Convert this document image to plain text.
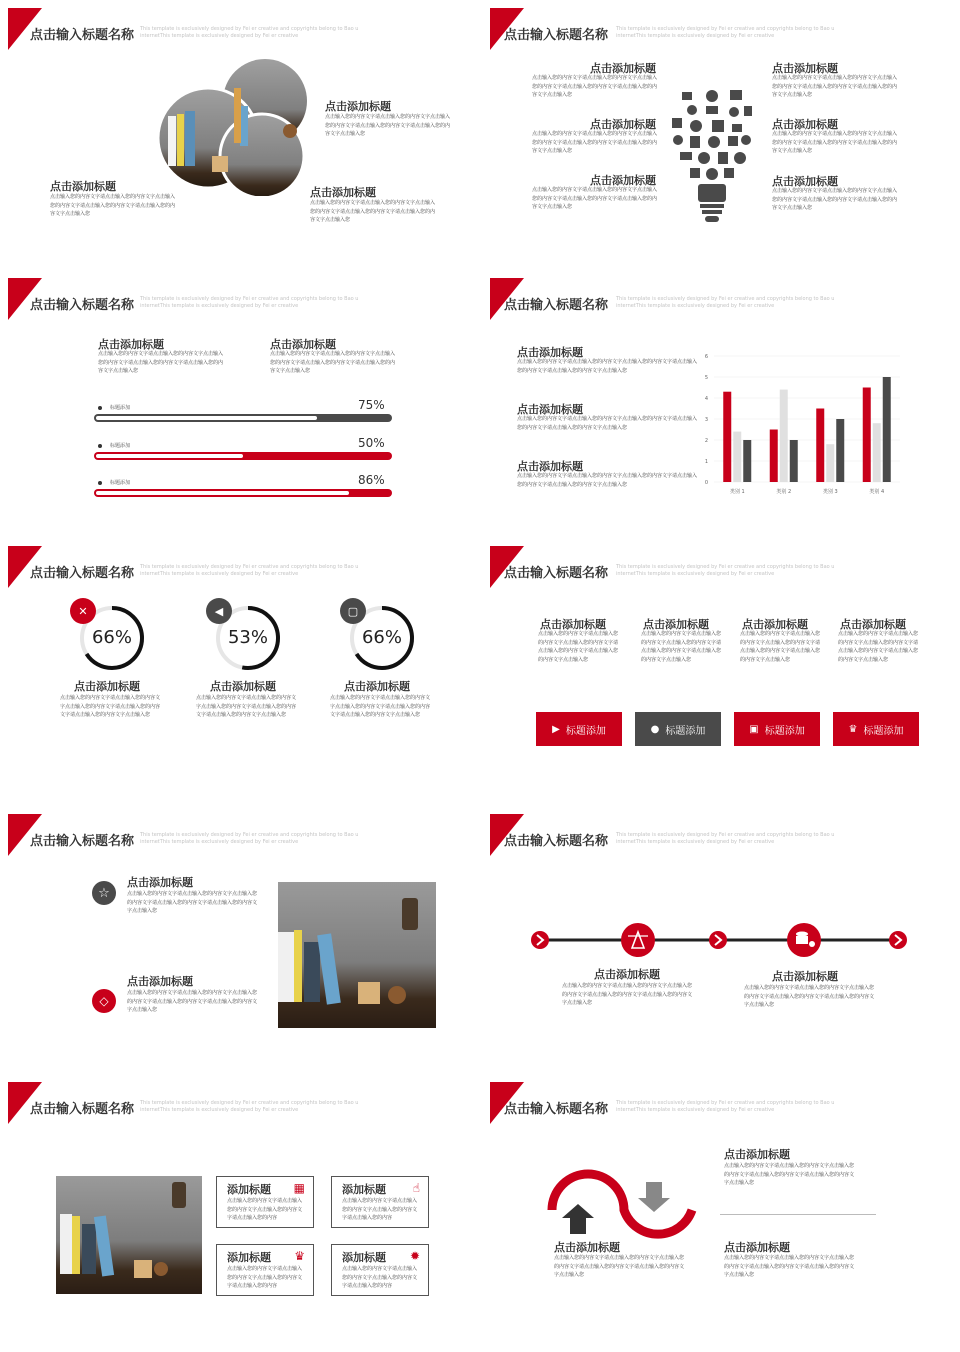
点击输入标题名称 This template is exclusively designed by Fei er creative and copyrights belong to Bao u internetThis template is exclusively designed by Fei er creative
点击添加标题
点击输入您的内容文字请点击输入您的内容文字点击输入您的内容文字请点击输入您的内容文字请点击输入您的内容文字点击输入您
点击添加标题
点击输入您的内容文字请点击输入您的内容文字点击输入您的内容文字请点击输入您的内容文字请点击输入您的内容文字点击输入您
点击添加标题
点击输入您的内容文字请点击输入您的内容文字点击输入您的内容文字请点击输入您的内容文字请点击输入您的内容文字点击输入您
点击输入标题名称 This template is exclusively designed by Fei er creative and copyrights belong to Bao u internetThis template is exclusively designed by Fei er creative
点击添加标题
点击输入您的内容文字请点击输入您的内容文字点击输入您的内容文字请点击输入您的内容文字请点击输入您的内容文字点击输入您
点击添加标题
点击输入您的内容文字请点击输入您的内容文字点击输入您的内容文字请点击输入您的内容文字请点击输入您的内容文字点击输入您
点击添加标题
点击输入您的内容文字请点击输入您的内容文字点击输入您的内容文字请点击输入您的内容文字请点击输入您的内容文字点击输入您
点击添加标题
点击输入您的内容文字请点击输入您的内容文字点击输入您的内容文字请点击输入您的内容文字请点击输入您的内容文字点击输入您
点击添加标题
点击输入您的内容文字请点击输入您的内容文字点击输入您的内容文字请点击输入您的内容文字请点击输入您的内容文字点击输入您
点击添加标题
点击输入您的内容文字请点击输入您的内容文字点击输入您的内容文字请点击输入您的内容文字请点击输入您的内容文字点击输入您
点击输入标题名称 This template is exclusively designed by Fei er creative and copyrights belong to Bao u internetThis template is exclusively designed by Fei er creative
点击添加标题
点击输入您的内容文字请点击输入您的内容文字点击输入您的内容文字请点击输入您的内容文字请点击输入您的内容文字点击输入您
点击添加标题
点击输入您的内容文字请点击输入您的内容文字点击输入您的内容文字请点击输入您的内容文字请点击输入您的内容文字点击输入您
标题添加	75%
标题添加	50%
标题添加	86%
点击输入标题名称 This template is exclusively designed by Fei er creative and copyrights belong to Bao u internetThis template is exclusively designed by Fei er creative
点击添加标题
点击输入您的内容文字请点击输入您的内容文字点击输入您的内容文字请点击输入您的内容文字请点击输入您的内容文字点击输入您
点击添加标题
点击输入您的内容文字请点击输入您的内容文字点击输入您的内容文字请点击输入您的内容文字请点击输入您的内容文字点击输入您
点击添加标题
点击输入您的内容文字请点击输入您的内容文字点击输入您的内容文字请点击输入您的内容文字请点击输入您的内容文字点击输入您	0
1
2
3
4
5
6
类别 1	类别 2	类别 3	类别 4
点击输入标题名称 This template is exclusively designed by Fei er creative and copyrights belong to Bao u internetThis template is exclusively designed by Fei er creative
66%
✕
点击添加标题
点击输入您的内容文字请点击输入您的内容文字点击输入您的内容文字请点击输入您的内容文字请点击输入您的内容文字点击输入您
53%
◀
点击添加标题
点击输入您的内容文字请点击输入您的内容文字点击输入您的内容文字请点击输入您的内容文字请点击输入您的内容文字点击输入您
66%
▢
点击添加标题
点击输入您的内容文字请点击输入您的内容文字点击输入您的内容文字请点击输入您的内容文字请点击输入您的内容文字点击输入您
点击输入标题名称 This template is exclusively designed by Fei er creative and copyrights belong to Bao u internetThis template is exclusively designed by Fei er creative
点击添加标题
点击输入您的内容文字请点击输入您的内容文字点击输入您的内容文字请点击输入您的内容文字请点击输入您的内容文字点击输入您
点击添加标题
点击输入您的内容文字请点击输入您的内容文字点击输入您的内容文字请点击输入您的内容文字请点击输入您的内容文字点击输入您
点击添加标题
点击输入您的内容文字请点击输入您的内容文字点击输入您的内容文字请点击输入您的内容文字请点击输入您的内容文字点击输入您
点击添加标题
点击输入您的内容文字请点击输入您的内容文字点击输入您的内容文字请点击输入您的内容文字请点击输入您的内容文字点击输入您
▶ 标题添加	● 标题添加	▣ 标题添加	♛ 标题添加
点击输入标题名称 This template is exclusively designed by Fei er creative and copyrights belong to Bao u internetThis template is exclusively designed by Fei er creative
☆
点击添加标题
点击输入您的内容文字请点击输入您的内容文字点击输入您的内容文字请点击输入您的内容文字请点击输入您的内容文字点击输入您
◇
点击添加标题
点击输入您的内容文字请点击输入您的内容文字点击输入您的内容文字请点击输入您的内容文字请点击输入您的内容文字点击输入您
点击输入标题名称 This template is exclusively designed by Fei er creative and copyrights belong to Bao u internetThis template is exclusively designed by Fei er creative
点击添加标题
点击输入您的内容文字请点击输入您的内容文字点击输入您的内容文字请点击输入您的内容文字请点击输入您的内容文字点击输入您
点击添加标题
点击输入您的内容文字请点击输入您的内容文字点击输入您的内容文字请点击输入您的内容文字请点击输入您的内容文字点击输入您
点击输入标题名称 This template is exclusively designed by Fei er creative and copyrights belong to Bao u internetThis template is exclusively designed by Fei er creative
添加标题 ▦
点击输入您的内容文字请点击输入您的内容文字点击输入您的内容文字请点击输入您的内容
添加标题 ☝
点击输入您的内容文字请点击输入您的内容文字点击输入您的内容文字请点击输入您的内容
添加标题 ♛
点击输入您的内容文字请点击输入您的内容文字点击输入您的内容文字请点击输入您的内容
添加标题 ✹
点击输入您的内容文字请点击输入您的内容文字点击输入您的内容文字请点击输入您的内容
点击输入标题名称 This template is exclusively designed by Fei er creative and copyrights belong to Bao u internetThis template is exclusively designed by Fei er creative
点击添加标题
点击输入您的内容文字请点击输入您的内容文字点击输入您的内容文字请点击输入您的内容文字请点击输入您的内容文字点击输入您
点击添加标题
点击输入您的内容文字请点击输入您的内容文字点击输入您的内容文字请点击输入您的内容文字请点击输入您的内容文字点击输入您
点击添加标题
点击输入您的内容文字请点击输入您的内容文字点击输入您的内容文字请点击输入您的内容文字请点击输入您的内容文字点击输入您
